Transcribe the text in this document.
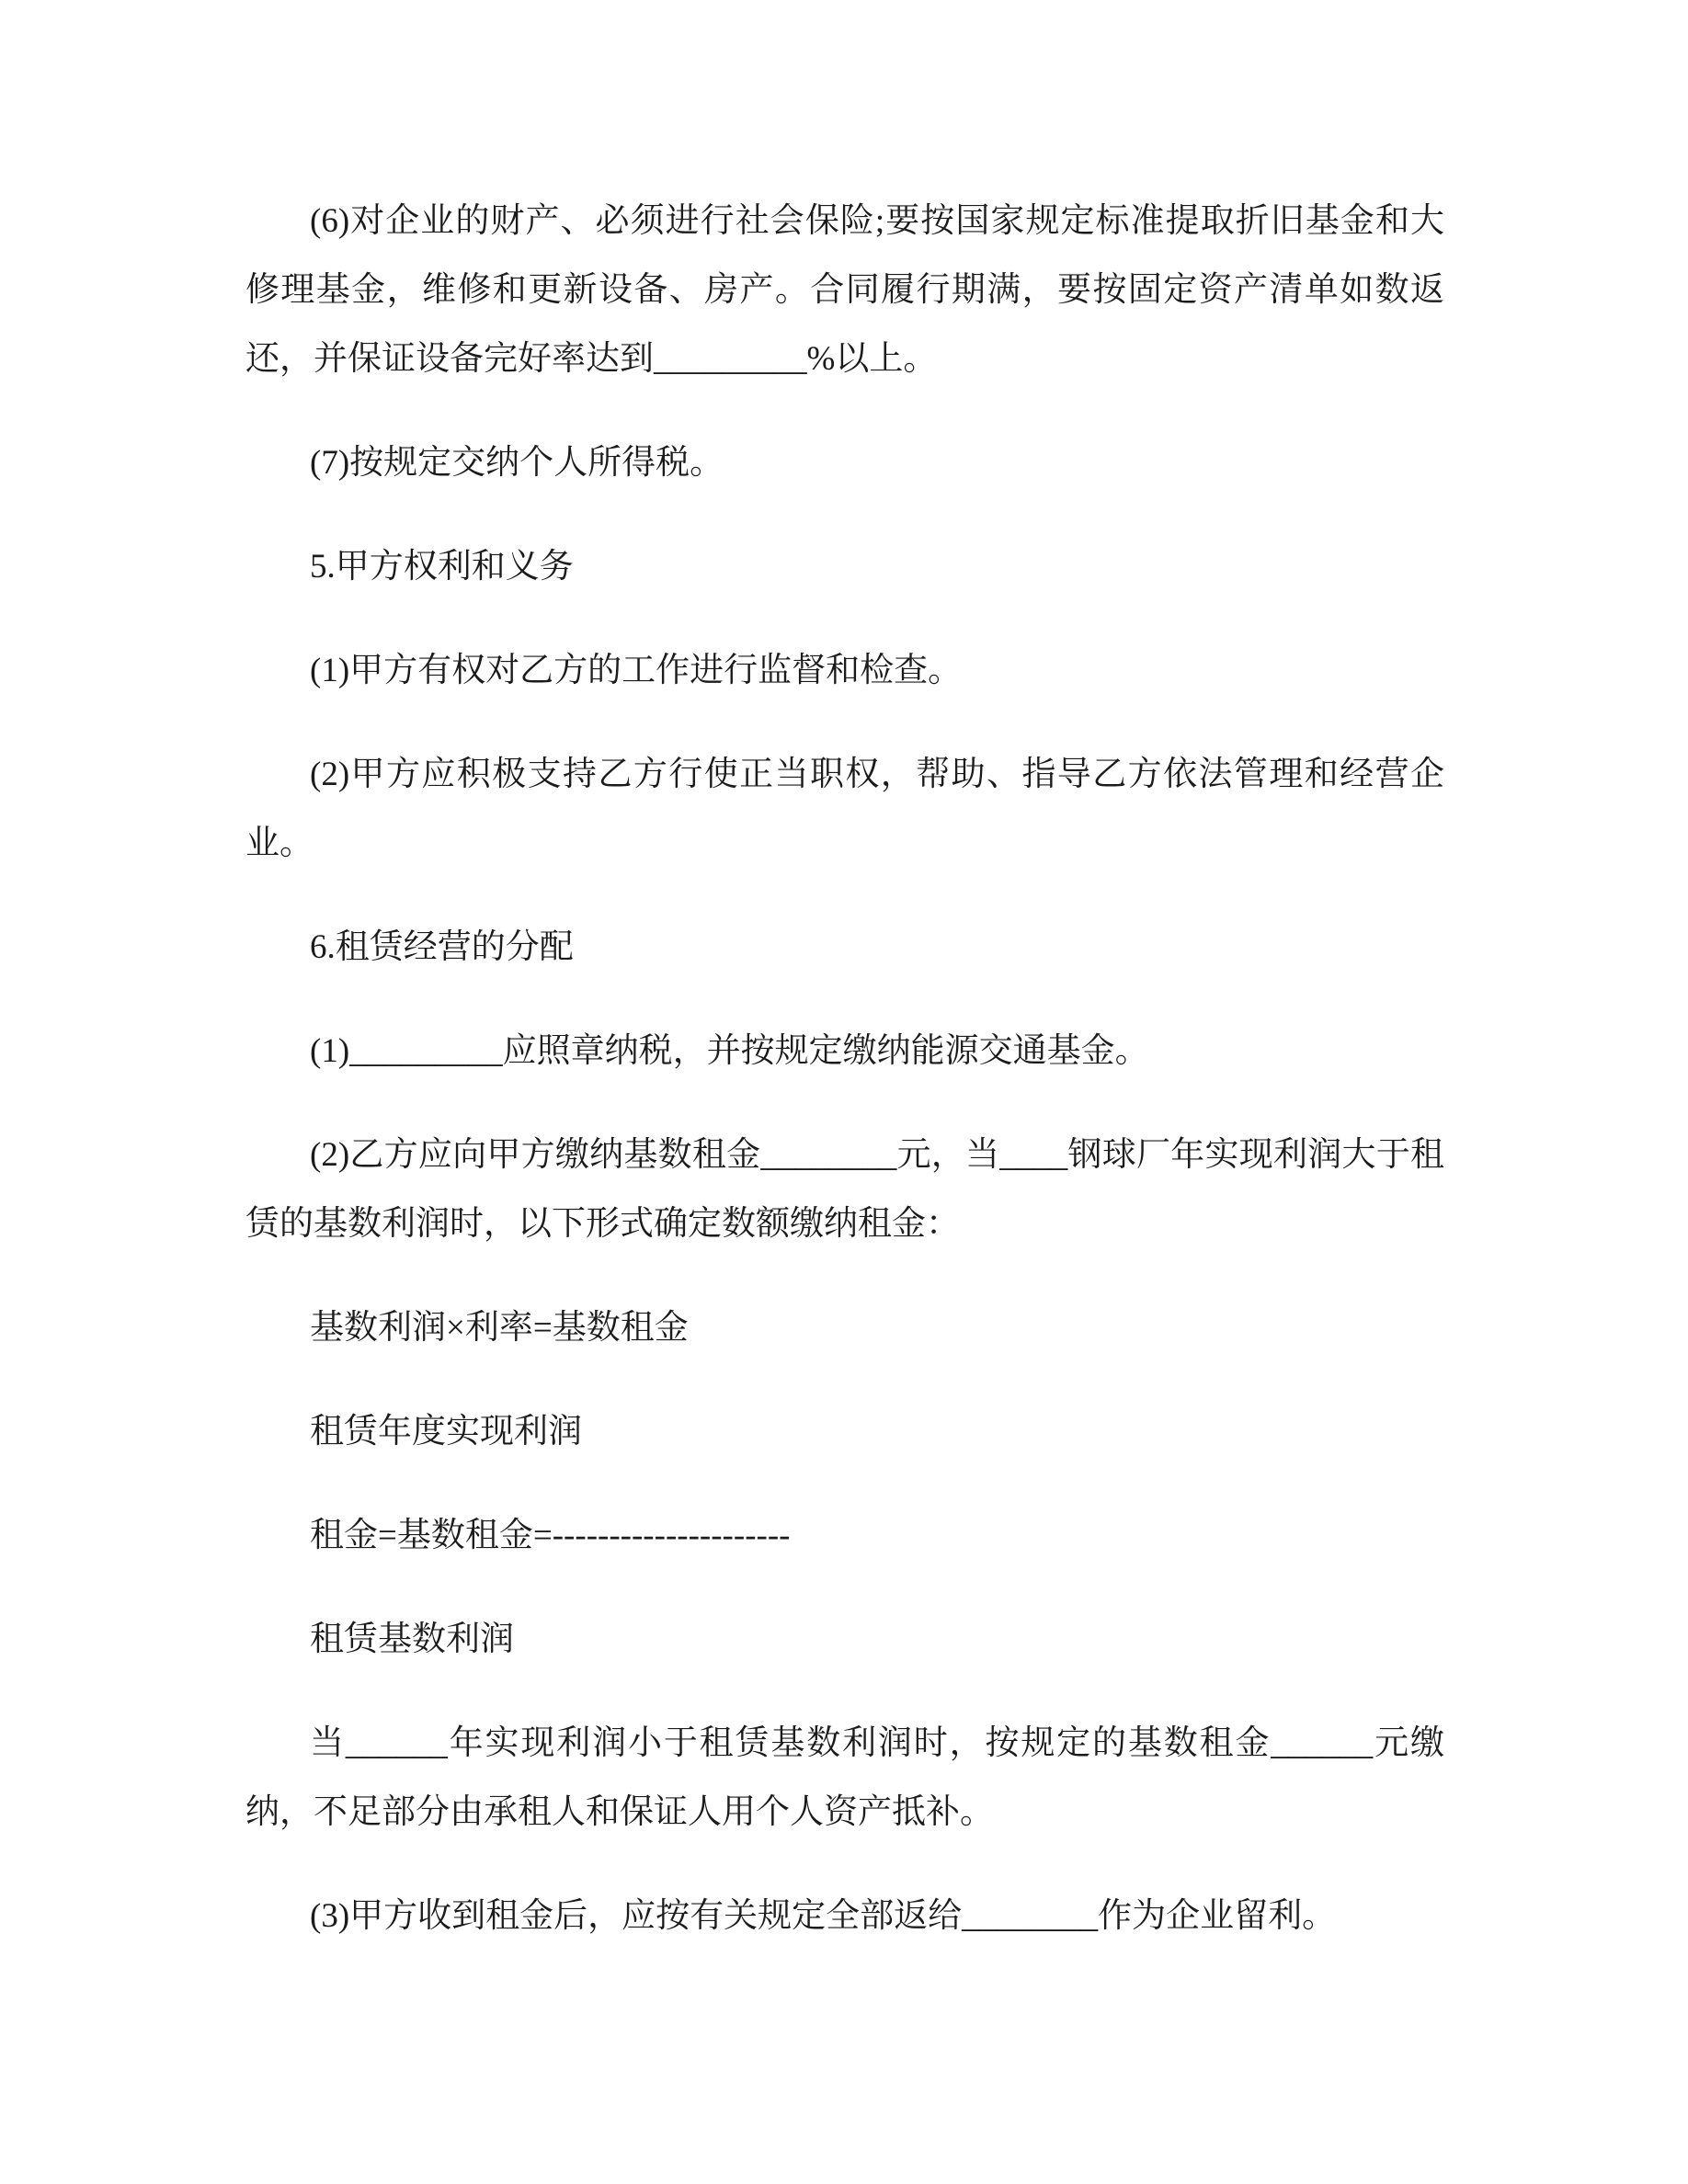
(6)对企业的财产、必须进行社会保险;要按国家规定标准提取折旧基金和大修理基金，维修和更新设备、房产。合同履行期满，要按固定资产清单如数返还，并保证设备完好率达到_________%以上。

(7)按规定交纳个人所得税。

5.甲方权利和义务

(1)甲方有权对乙方的工作进行监督和检查。

(2)甲方应积极支持乙方行使正当职权，帮助、指导乙方依法管理和经营企业。

6.租赁经营的分配

(1)_________应照章纳税，并按规定缴纳能源交通基金。

(2)乙方应向甲方缴纳基数租金________元，当____钢球厂年实现利润大于租赁的基数利润时，以下形式确定数额缴纳租金：

基数利润×利率=基数租金

租赁年度实现利润

租金=基数租金=---------------------

租赁基数利润

当______年实现利润小于租赁基数利润时，按规定的基数租金______元缴纳，不足部分由承租人和保证人用个人资产抵补。

(3)甲方收到租金后，应按有关规定全部返给________作为企业留利。
